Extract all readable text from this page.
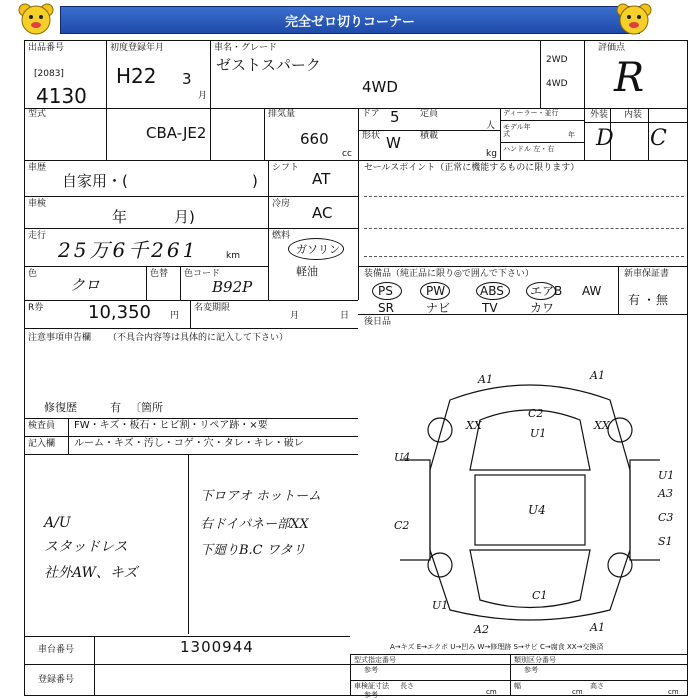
完全ゼロ切りコーナー
出品番号
[2083]
4130
初度登録年月
H22 3
月
車名・グレード
ゼストスパーク
4WD
2WD
4WD
評価点
R
型式
CBA-JE2
排気量
660
cc
ドア 5 定員
人
形状 W 積載
kg
ディーラー・並行
モデル年式	年
ハンドル 左・右
外装 内装
D C
車歴
自家用・(	)
車検
年	月)
走行
25万6千261	km
色
クロ
色替 色コード
B92P
シフト
AT
冷房 AC
燃料
ガソリン
軽油
R券 10,350 円
名変期限
月	日
セールスポイント（正常に機能するものに限ります）
装備品（純正品に限り◎で囲んで下さい）
PS	PW	ABS エアB AW
SR	ナビ	TV	カワ
新車保証書
有 ・ 無
後日品
注意事項申告欄 （不具合内容等は具体的に記入して下さい）
修復歴	有 〔箇所
検査員
記入欄
FW・キズ・板石・ヒビ割・リペア跡・×要
ルーム・キズ・汚し・コゲ・穴・タレ・キレ・破レ
A/U
スタッドレス
社外AW、キズ
下ロアオ ホットーム
右ドイパネー部XX
下廻りB.C ワタリ
A1	A1
XX
C2
U1
XX
U4
U4
U1
A3
C2
C3
S1
U1
C1
A2	A1
A→キズ E→エクボ U→凹み W→修理跡 S→サビ C→腐食 XX→交換済
車台番号	1300944
登録番号
型式指定番号
参考
類別区分番号
参考
車検証寸法
参考
長さ
cm
幅
cm
高さ
cm
